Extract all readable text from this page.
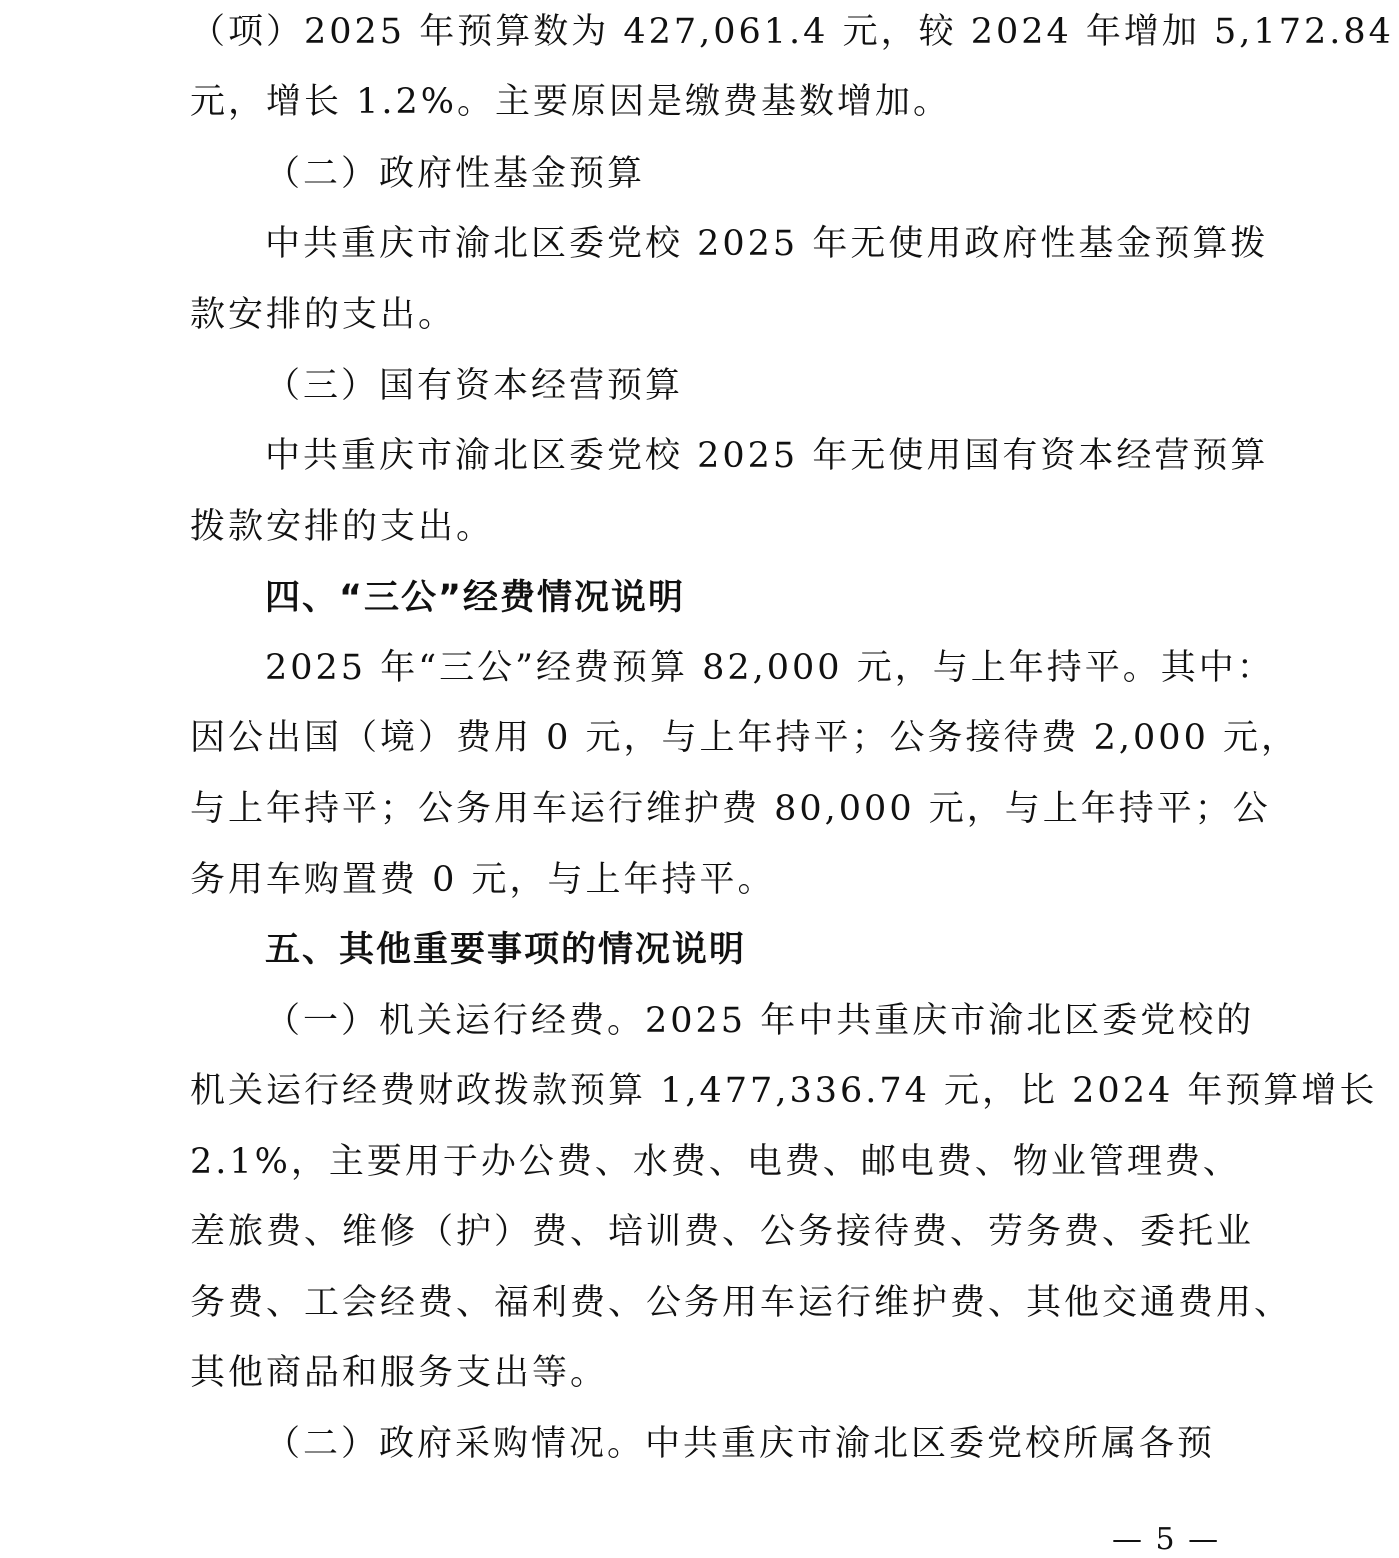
（项）2025 年预算数为 427,061.4 元，较 2024 年增加 5,172.84
元，增长 1.2%。主要原因是缴费基数增加。
（二）政府性基金预算
中共重庆市渝北区委党校 2025 年无使用政府性基金预算拨
款安排的支出。
（三）国有资本经营预算
中共重庆市渝北区委党校 2025 年无使用国有资本经营预算
拨款安排的支出。
四、“三公”经费情况说明
2025 年“三公”经费预算 82,000 元，与上年持平。其中：
因公出国（境）费用 0 元，与上年持平；公务接待费 2,000 元，
与上年持平；公务用车运行维护费 80,000 元，与上年持平；公
务用车购置费 0 元，与上年持平。
五、其他重要事项的情况说明
（一）机关运行经费。2025 年中共重庆市渝北区委党校的
机关运行经费财政拨款预算 1,477,336.74 元，比 2024 年预算增长
2.1%，主要用于办公费、水费、电费、邮电费、物业管理费、
差旅费、维修（护）费、培训费、公务接待费、劳务费、委托业
务费、工会经费、福利费、公务用车运行维护费、其他交通费用、
其他商品和服务支出等。
（二）政府采购情况。中共重庆市渝北区委党校所属各预
— 5 —
